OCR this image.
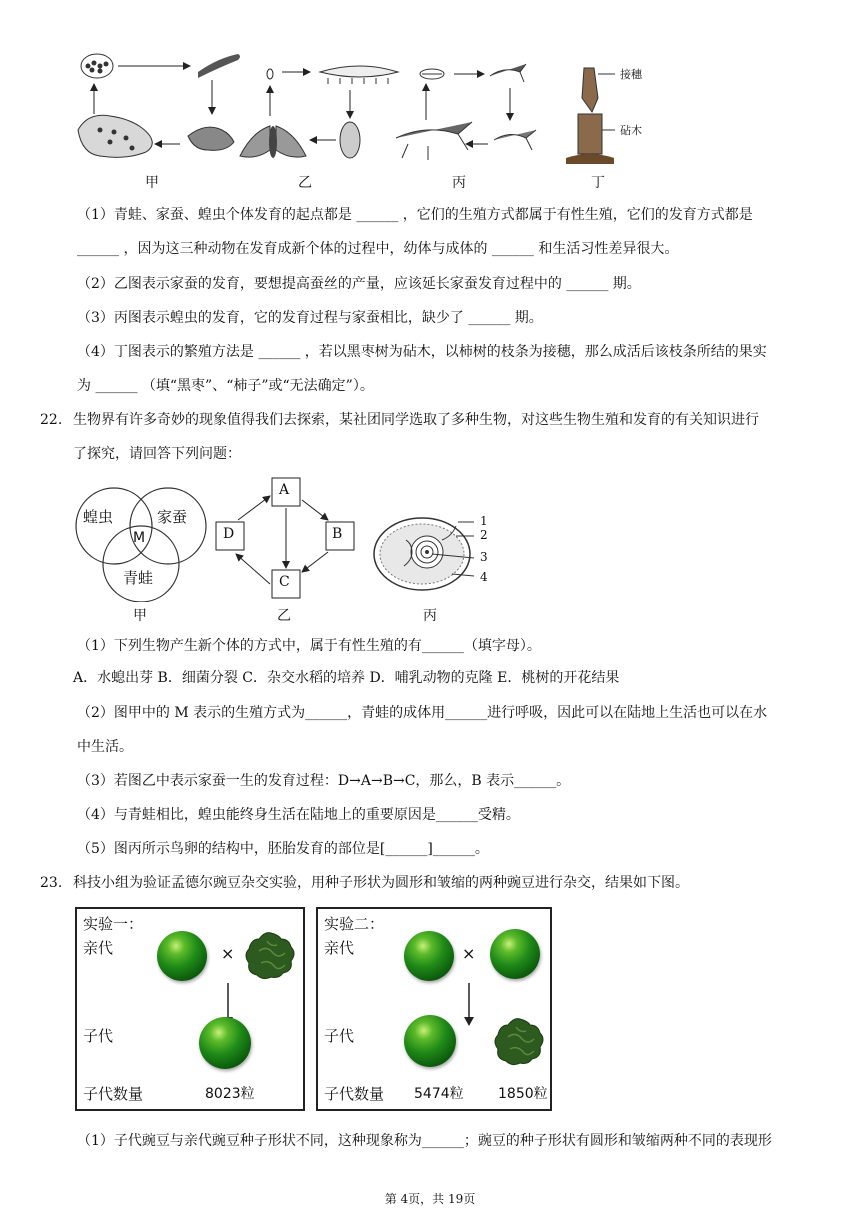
接穗
砧木
甲	乙	丙	丁
（1）青蛙、家蚕、蝗虫个体发育的起点都是 ______ ，它们的生殖方式都属于有性生殖，它们的发育方式都是
______ ，因为这三种动物在发育成新个体的过程中，幼体与成体的 ______ 和生活习性差异很大。
（2）乙图表示家蚕的发育，要想提高蚕丝的产量，应该延长家蚕发育过程中的 ______ 期。
（3）丙图表示蝗虫的发育，它的发育过程与家蚕相比，缺少了 ______ 期。
（4）丁图表示的繁殖方法是 ______ ，若以黑枣树为砧木，以柿树的枝条为接穗，那么成活后该枝条所结的果实
为 ______ （填“黑枣”、“柿子”或“无法确定”）。
22. 生物界有许多奇妙的现象值得我们去探索，某社团同学选取了多种生物，对这些生物生殖和发育的有关知识进行
了探究，请回答下列问题：
蝗虫	家蚕
M
青蛙
甲
A
B
C
D
乙
1
2
3
4
丙
（1）下列生物产生新个体的方式中，属于有性生殖的有______（填字母）。
A．水螅出芽 B．细菌分裂 C．杂交水稻的培养 D．哺乳动物的克隆 E．桃树的开花结果
（2）图甲中的 M 表示的生殖方式为______，青蛙的成体用______进行呼吸，因此可以在陆地上生活也可以在水
中生活。
（3）若图乙中表示家蚕一生的发育过程：D→A→B→C，那么，B 表示______。
（4）与青蛙相比，蝗虫能终身生活在陆地上的重要原因是______受精。
（5）图丙所示鸟卵的结构中，胚胎发育的部位是[______]______。
23. 科技小组为验证孟德尔豌豆杂交实验，用种子形状为圆形和皱缩的两种豌豆进行杂交，结果如下图。
实验一：
亲代	×
子代
子代数量	8023粒
实验二：
亲代	×
子代
子代数量 5474粒 1850粒
（1）子代豌豆与亲代豌豆种子形状不同，这种现象称为______；豌豆的种子形状有圆形和皱缩两种不同的表现形
第 4页，共 19页
